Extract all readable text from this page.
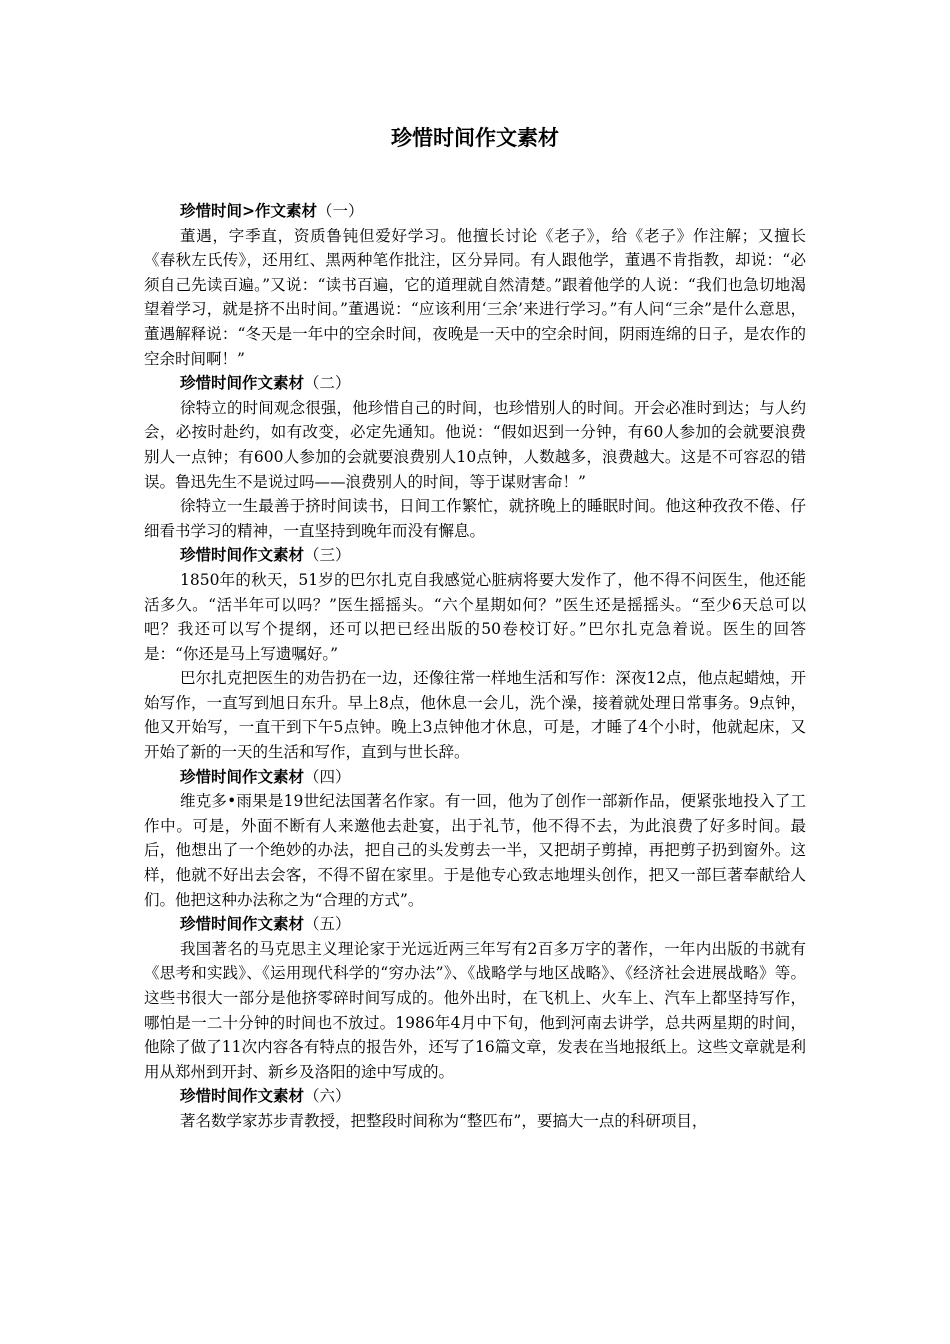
珍惜时间作文素材
珍惜时间>作文素材（一）

董遇，字季直，资质鲁钝但爱好学习。他擅长讨论《老子》，给《老子》作注解；又擅长《春秋左氏传》，还用红、黑两种笔作批注，区分异同。有人跟他学，董遇不肯指教，却说：“必须自己先读百遍。”又说：“读书百遍，它的道理就自然清楚。”跟着他学的人说：“我们也急切地渴望着学习，就是挤不出时间。”董遇说：“应该利用‘三余’来进行学习。”有人问“三余”是什么意思，董遇解释说：“冬天是一年中的空余时间，夜晚是一天中的空余时间，阴雨连绵的日子，是农作的空余时间啊！”

珍惜时间作文素材（二）

徐特立的时间观念很强，他珍惜自己的时间，也珍惜别人的时间。开会必准时到达；与人约会，必按时赴约，如有改变，必定先通知。他说：“假如迟到一分钟，有60人参加的会就要浪费别人一点钟；有600人参加的会就要浪费别人10点钟，人数越多，浪费越大。这是不可容忍的错误。鲁迅先生不是说过吗——浪费别人的时间，等于谋财害命！”

徐特立一生最善于挤时间读书，日间工作繁忙，就挤晚上的睡眠时间。他这种孜孜不倦、仔细看书学习的精神，一直坚持到晚年而没有懈息。

珍惜时间作文素材（三）

1850年的秋天，51岁的巴尔扎克自我感觉心脏病将要大发作了，他不得不问医生，他还能活多久。“活半年可以吗？”医生摇摇头。“六个星期如何？”医生还是摇摇头。“至少6天总可以吧？我还可以写个提纲，还可以把已经出版的50卷校订好。”巴尔扎克急着说。医生的回答是：“你还是马上写遗嘱好。”

巴尔扎克把医生的劝告扔在一边，还像往常一样地生活和写作：深夜12点，他点起蜡烛，开始写作，一直写到旭日东升。早上8点，他休息一会儿，洗个澡，接着就处理日常事务。9点钟，他又开始写，一直干到下午5点钟。晚上3点钟他才休息，可是，才睡了4个小时，他就起床，又开始了新的一天的生活和写作，直到与世长辞。

珍惜时间作文素材（四）

维克多•雨果是19世纪法国著名作家。有一回，他为了创作一部新作品，便紧张地投入了工作中。可是，外面不断有人来邀他去赴宴，出于礼节，他不得不去，为此浪费了好多时间。最后，他想出了一个绝妙的办法，把自己的头发剪去一半，又把胡子剪掉，再把剪子扔到窗外。这样，他就不好出去会客，不得不留在家里。于是他专心致志地埋头创作，把又一部巨著奉献给人们。他把这种办法称之为“合理的方式”。

珍惜时间作文素材（五）

我国著名的马克思主义理论家于光远近两三年写有2百多万字的著作，一年内出版的书就有《思考和实践》、《运用现代科学的“穷办法”》、《战略学与地区战略》、《经济社会进展战略》等。这些书很大一部分是他挤零碎时间写成的。他外出时，在飞机上、火车上、汽车上都坚持写作，哪怕是一二十分钟的时间也不放过。1986年4月中下旬，他到河南去讲学，总共两星期的时间，他除了做了11次内容各有特点的报告外，还写了16篇文章，发表在当地报纸上。这些文章就是利用从郑州到开封、新乡及洛阳的途中写成的。

珍惜时间作文素材（六）

著名数学家苏步青教授，把整段时间称为“整匹布”，要搞大一点的科研项目，
